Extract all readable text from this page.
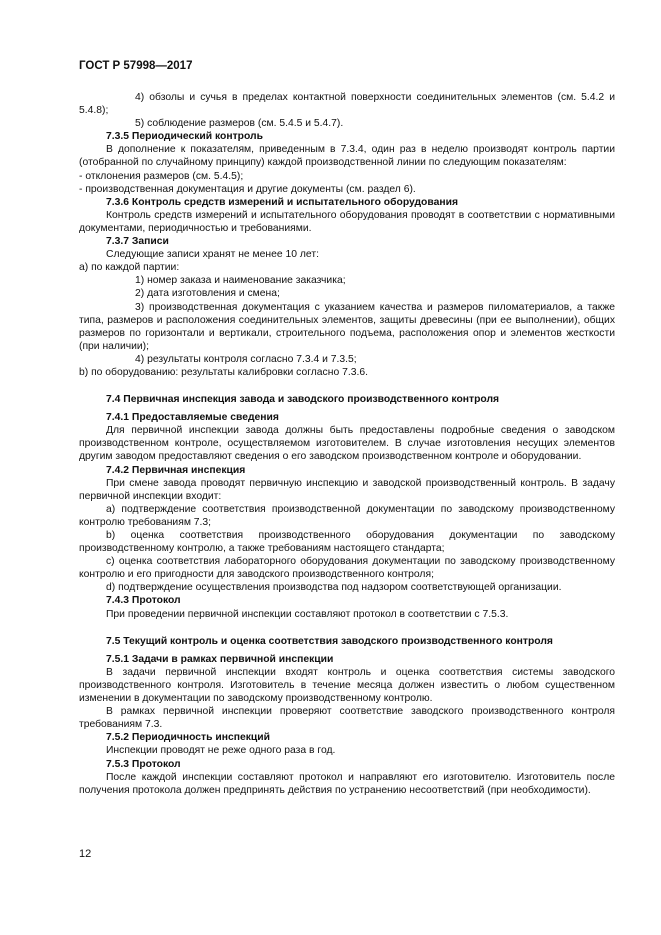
ГОСТ Р 57998—2017

4) обзолы и сучья в пределах контактной поверхности соединительных элементов (см. 5.4.2 и 5.4.8);

5) соблюдение размеров (см. 5.4.5 и 5.4.7).

7.3.5 Периодический контроль

В дополнение к показателям, приведенным в 7.3.4, один раз в неделю производят контроль партии (отобранной по случайному принципу) каждой производственной линии по следующим показателям:

- отклонения размеров (см. 5.4.5);

- производственная документация и другие документы (см. раздел 6).

7.3.6 Контроль средств измерений и испытательного оборудования

Контроль средств измерений и испытательного оборудования проводят в соответствии с нормативными документами, периодичностью и требованиями.

7.3.7 Записи

Следующие записи хранят не менее 10 лет:

а) по каждой партии:

1) номер заказа и наименование заказчика;

2) дата изготовления и смена;

3) производственная документация с указанием качества и размеров пиломатериалов, а также типа, размеров и расположения соединительных элементов, защиты древесины (при ее выполнении), общих размеров по горизонтали и вертикали, строительного подъема, расположения опор и элементов жесткости (при наличии);

4) результаты контроля согласно 7.3.4 и 7.3.5;

b) по оборудованию: результаты калибровки согласно 7.3.6.

7.4 Первичная инспекция завода и заводского производственного контроля

7.4.1 Предоставляемые сведения

Для первичной инспекции завода должны быть предоставлены подробные сведения о заводском производственном контроле, осуществляемом изготовителем. В случае изготовления несущих элементов другим заводом предоставляют сведения о его заводском производственном контроле и оборудовании.

7.4.2 Первичная инспекция

При смене завода проводят первичную инспекцию и заводской производственный контроль. В задачу первичной инспекции входит:

а) подтверждение соответствия производственной документации по заводскому производственному контролю требованиям 7.3;

b) оценка соответствия производственного оборудования документации по заводскому производственному контролю, а также требованиям настоящего стандарта;

c) оценка соответствия лабораторного оборудования документации по заводскому производственному контролю и его пригодности для заводского производственного контроля;

d) подтверждение осуществления производства под надзором соответствующей организации.

7.4.3 Протокол

При проведении первичной инспекции составляют протокол в соответствии с 7.5.3.

7.5 Текущий контроль и оценка соответствия заводского производственного контроля

7.5.1 Задачи в рамках первичной инспекции

В задачи первичной инспекции входят контроль и оценка соответствия системы заводского производственного контроля. Изготовитель в течение месяца должен известить о любом существенном изменении в документации по заводскому производственному контролю.

В рамках первичной инспекции проверяют соответствие заводского производственного контроля требованиям 7.3.

7.5.2 Периодичность инспекций

Инспекции проводят не реже одного раза в год.

7.5.3 Протокол

После каждой инспекции составляют протокол и направляют его изготовителю. Изготовитель после получения протокола должен предпринять действия по устранению несоответствий (при необходимости).

12
